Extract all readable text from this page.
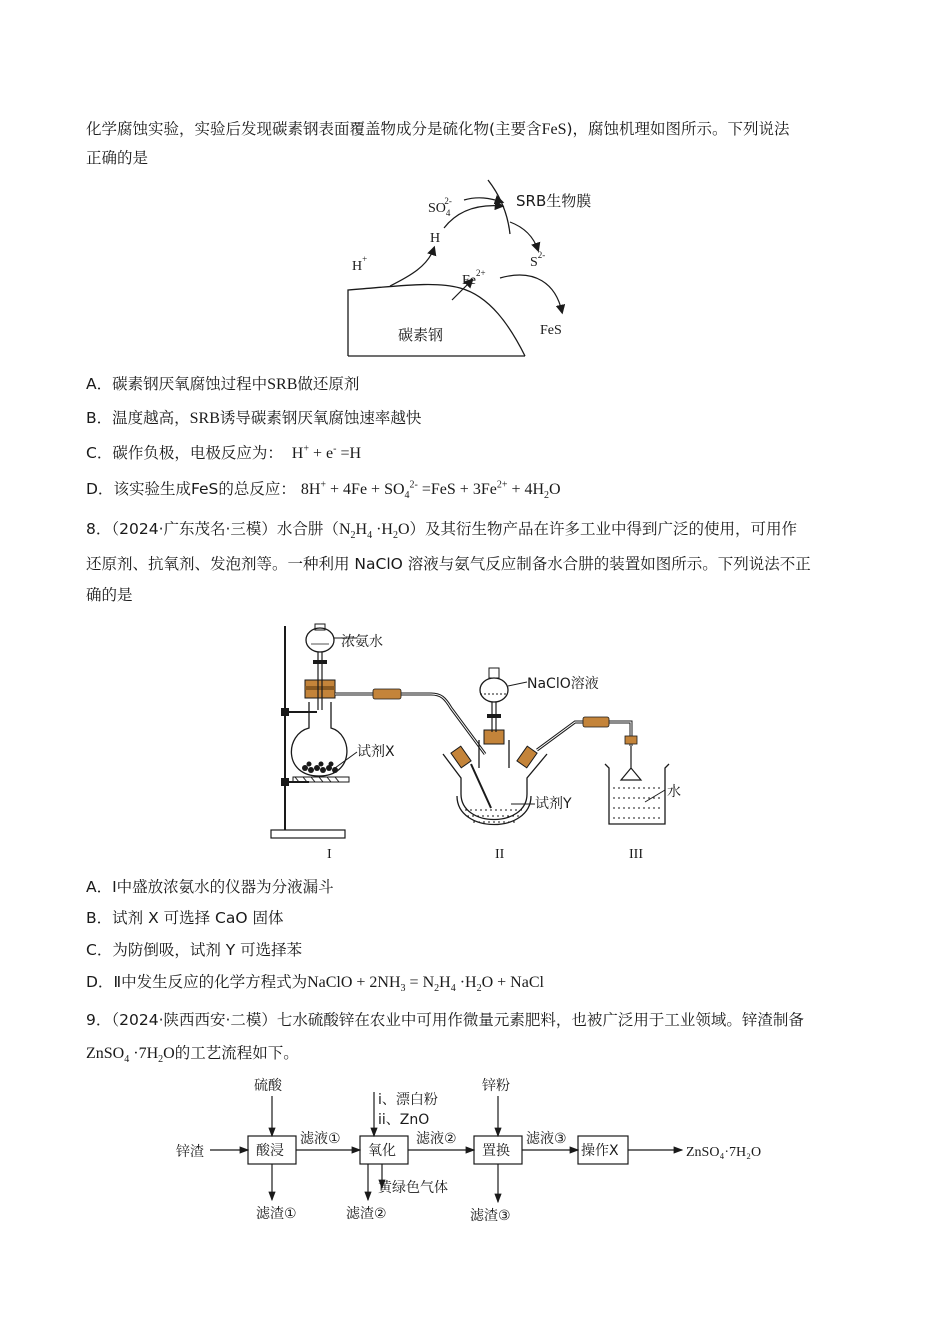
化学腐蚀实验，实验后发现碳素钢表面覆盖物成分是硫化物(主要含FeS)，腐蚀机理如图所示。下列说法
正确的是
碳素钢
SRB生物膜
$SO_42-$
H+
H
$S^{2-}$
$Fe^{2+}$
FeS
A．碳素钢厌氧腐蚀过程中SRB做还原剂
B．温度越高，SRB诱导碳素钢厌氧腐蚀速率越快
C．碳作负极，电极反应为：  H+ + e- =H
D．该实验生成FeS的总反应： $8H^+ + 4Fe + SO_4^{2-} =FeS + 3Fe^{2+} + 4H_2O$
8．（2024·广东茂名·三模）水合肼$(N_2H_4 \cdot H_2O)$及其衍生物产品在许多工业中得到广泛的使用，可用作
还原剂、抗氧剂、发泡剂等。一种利用 NaClO 溶液与氨气反应制备水合肼的装置如图所示。下列说法不正
确的是
浓氨水
试剂X
NaClO溶液
试剂Y
水
I	II	III
A．Ⅰ中盛放浓氨水的仪器为分液漏斗
B．试剂 X 可选择 CaO 固体
C．为防倒吸，试剂 Y 可选择苯
D．Ⅱ中发生反应的化学方程式为NaClO + $2NH_3 = N_2H_4 \cdot H_2O$ + NaCl
9．（2024·陕西西安·二模）七水硫酸锌在农业中可用作微量元素肥料，也被广泛用于工业领域。锌渣制备
ZnSO$_4$ $\cdot 7H_2O$的工艺流程如下。
酸浸	氧化	置换	操作X
锌渣
滤液①	滤液②	滤液③
ZnSO₄·7H₂O
硫酸
i、漂白粉
ii、ZnO
锌粉
滤渣①	滤渣②
黄绿色气体
滤渣③
